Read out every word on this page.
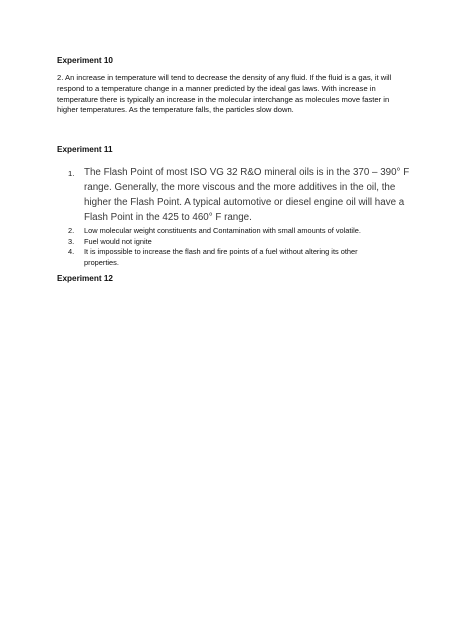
Experiment 10

2. An increase in temperature will tend to decrease the density of any fluid. If the fluid is a gas, it will
respond to a temperature change in a manner predicted by the ideal gas laws. With increase in
temperature there is typically an increase in the molecular interchange as molecules move faster in
higher temperatures. As the temperature falls, the particles slow down.

Experiment 11
1. The Flash Point of most ISO VG 32 R&O mineral oils is in the 370 – 390° F
range. Generally, the more viscous and the more additives in the oil, the
higher the Flash Point. A typical automotive or diesel engine oil will have a
Flash Point in the 425 to 460° F range.
2. Low molecular weight constituents and Contamination with small amounts of volatile.
3. Fuel would not ignite
4. It is impossible to increase the flash and fire points of a fuel without altering its other
properties.
Experiment 12
